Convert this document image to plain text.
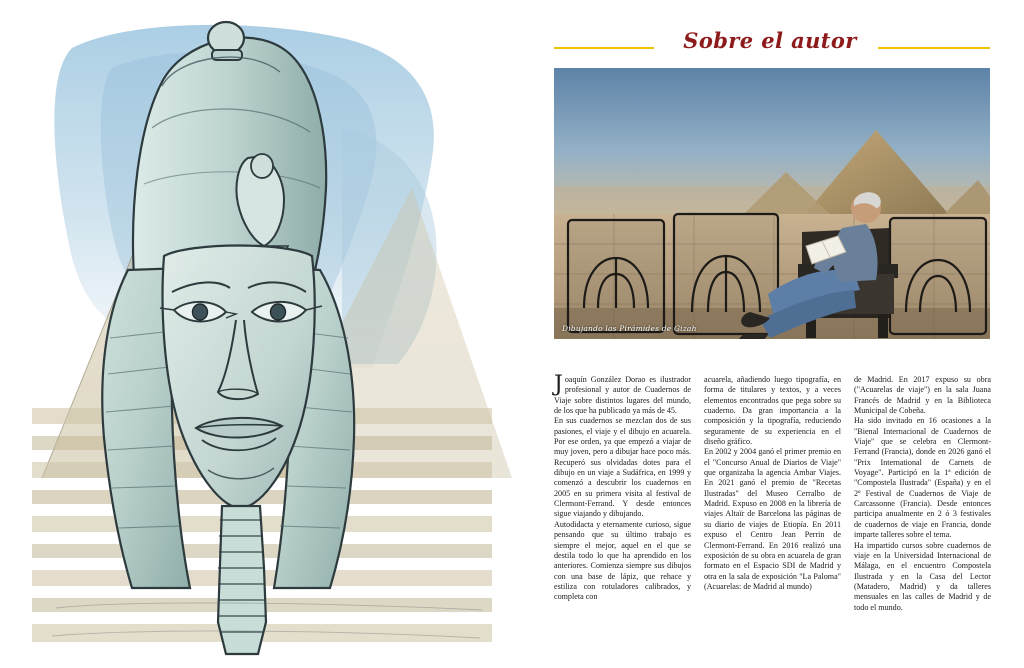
Sobre el autor
Dibujando las Pirámides de Gizah

Joaquín González Dorao es ilustrador profesional y autor de Cuadernos de Viaje sobre distintos lugares del mundo, de los que ha publicado ya más de 45.

En sus cuadernos se mezclan dos de sus pasiones, el viaje y el dibujo en acuarela. Por ese orden, ya que empezó a viajar de muy joven, pero a dibujar hace poco más. Recuperó sus olvidadas dotes para el dibujo en un viaje a Sudáfrica, en 1999 y comenzó a descubrir los cuadernos en 2005 en su primera visita al festival de Clermont-Ferrand. Y desde entonces sigue viajando y dibujando.

Autodidacta y eternamente curioso, sigue pensando que su último trabajo es siempre el mejor, aquel en el que se destila todo lo que ha aprendido en los anteriores. Comienza siempre sus dibujos con una base de lápiz, que rehace y estiliza con rotuladores calibrados, y completa con

acuarela, añadiendo luego tipografía, en forma de titulares y textos, y a veces elementos encontrados que pega sobre su cuaderno. Da gran importancia a la composición y la tipografía, reduciendo seguramente de su experiencia en el diseño gráfico.

En 2002 y 2004 ganó el primer premio en el "Concurso Anual de Diarios de Viaje" que organizaba la agencia Ambar Viajes. En 2021 ganó el premio de "Recetas Ilustradas" del Museo Cerralbo de Madrid. Expuso en 2008 en la librería de viajes Altaïr de Barcelona las páginas de su diario de viajes de Etiopía. En 2011 expuso el Centro Jean Perrin de Clermont-Ferrand. En 2016 realizó una exposición de su obra en acuarela de gran formato en el Espacio SDI de Madrid y otra en la sala de exposición "La Paloma" (Acuarelas: de Madrid al mundo)

de Madrid. En 2017 expuso su obra ("Acuarelas de viaje") en la sala Juana Francés de Madrid y en la Biblioteca Municipal de Cobeña.

Ha sido invitado en 16 ocasiones a la "Bienal Internacional de Cuadernos de Viaje" que se celebra en Clermont-Ferrand (Francia), donde en 2026 ganó el "Prix International de Carnets de Voyage". Participó en la 1ª edición de "Compostela Ilustrada" (España) y en el 2º Festival de Cuadernos de Viaje de Carcassonne (Francia). Desde entonces participa anualmente en 2 ó 3 festivales de cuadernos de viaje en Francia, donde imparte talleres sobre el tema.

Ha impartido cursos sobre cuadernos de viaje en la Universidad Internacional de Málaga, en el encuentro Compostela Ilustrada y en la Casa del Lector (Matadero, Madrid) y da talleres mensuales en las calles de Madrid y de todo el mundo.
